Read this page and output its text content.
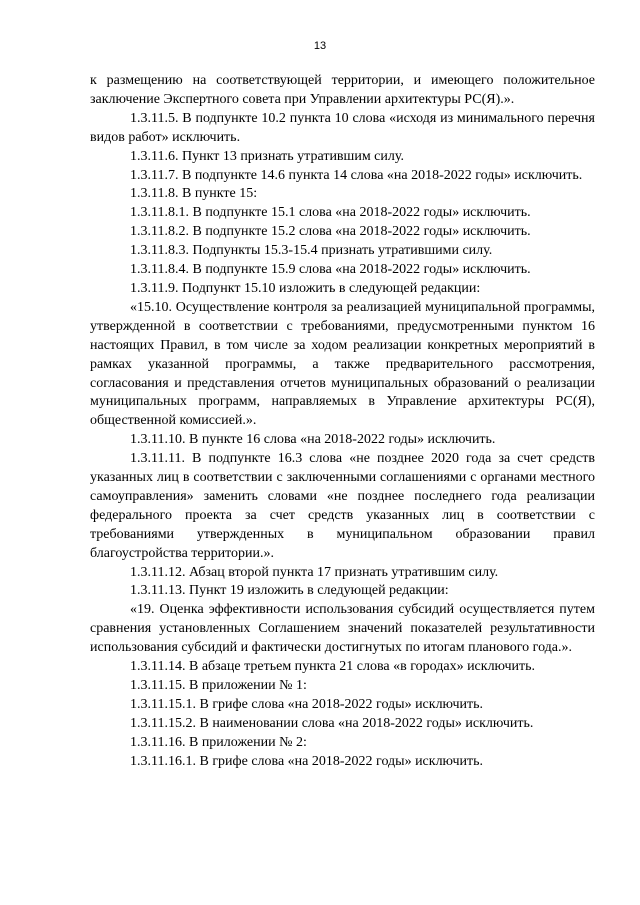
13

к размещению на соответствующей территории, и имеющего положительное заключение Экспертного совета при Управлении архитектуры РС(Я).».

1.3.11.5. В подпункте 10.2 пункта 10 слова «исходя из минимального перечня видов работ» исключить.

1.3.11.6. Пункт 13 признать утратившим силу.

1.3.11.7. В подпункте 14.6 пункта 14 слова «на 2018-2022 годы» исключить.

1.3.11.8. В пункте 15:

1.3.11.8.1. В подпункте 15.1 слова «на 2018-2022 годы» исключить.

1.3.11.8.2. В подпункте 15.2 слова «на 2018-2022 годы» исключить.

1.3.11.8.3. Подпункты 15.3-15.4 признать утратившими силу.

1.3.11.8.4. В подпункте 15.9 слова «на 2018-2022 годы» исключить.

1.3.11.9. Подпункт 15.10 изложить в следующей редакции:

«15.10. Осуществление контроля за реализацией муниципальной программы, утвержденной в соответствии с требованиями, предусмотренными пунктом 16 настоящих Правил, в том числе за ходом реализации конкретных мероприятий в рамках указанной программы, а также предварительного рассмотрения, согласования и представления отчетов муниципальных образований о реализации муниципальных программ, направляемых в Управление архитектуры РС(Я), общественной комиссией.».

1.3.11.10. В пункте 16 слова «на 2018-2022 годы» исключить.

1.3.11.11. В подпункте 16.3 слова «не позднее 2020 года за счет средств указанных лиц в соответствии с заключенными соглашениями с органами местного самоуправления» заменить словами «не позднее последнего года реализации федерального проекта за счет средств указанных лиц в соответствии с требованиями утвержденных в муниципальном образовании правил благоустройства территории.».

1.3.11.12. Абзац второй пункта 17 признать утратившим силу.

1.3.11.13. Пункт 19 изложить в следующей редакции:

«19. Оценка эффективности использования субсидий осуществляется путем сравнения установленных Соглашением значений показателей результативности использования субсидий и фактически достигнутых по итогам планового года.».

1.3.11.14. В абзаце третьем пункта 21 слова «в городах» исключить.

1.3.11.15. В приложении № 1:

1.3.11.15.1. В грифе слова «на 2018-2022 годы» исключить.

1.3.11.15.2. В наименовании слова «на 2018-2022 годы» исключить.

1.3.11.16. В приложении № 2:

1.3.11.16.1. В грифе слова «на 2018-2022 годы» исключить.
